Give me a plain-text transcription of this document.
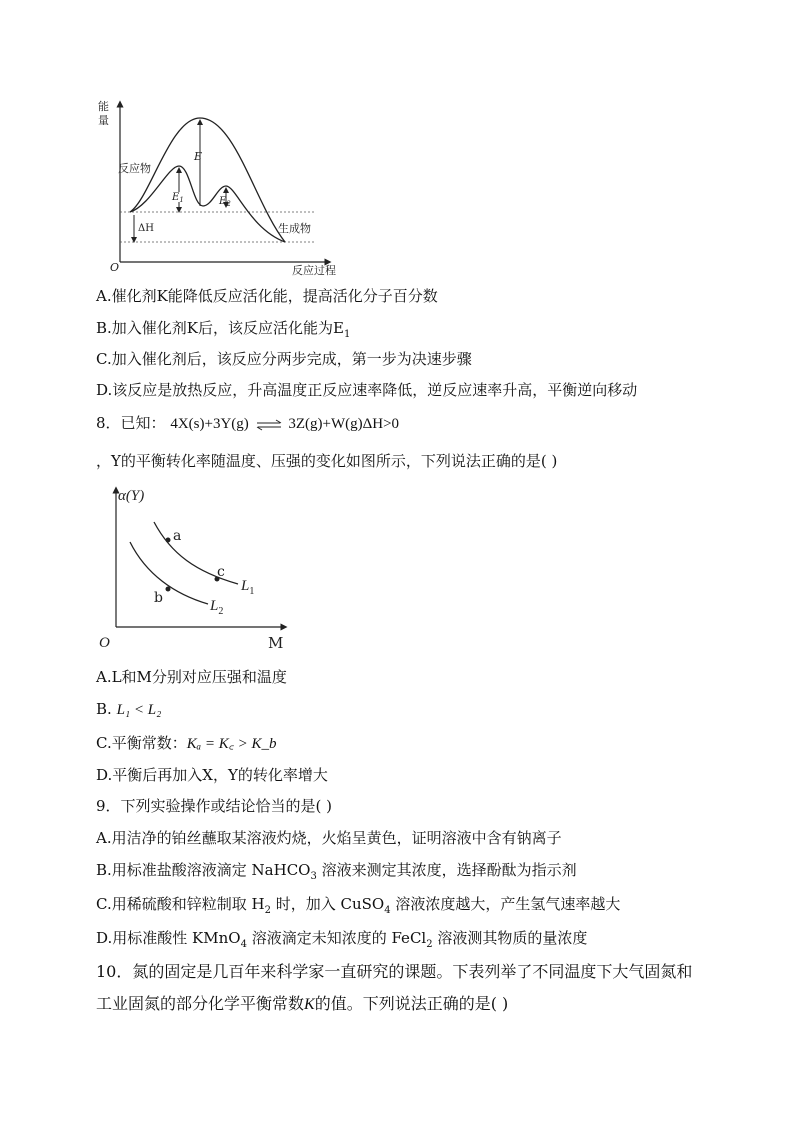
能
量
O	反应过程
反应物
生成物
E
$E_1$	$E_2$
ΔH
A.催化剂K能降低反应活化能，提高活化分子百分数
B.加入催化剂K后，该反应活化能为$E_1$
C.加入催化剂后，该反应分两步完成，第一步为决速步骤
D.该反应是放热反应，升高温度正反应速率降低，逆反应速率升高，平衡逆向移动
8．已知： 4X(s)+3Y(g) ⇌ 3Z(g)+W(g)ΔH>0
，Y的平衡转化率随温度、压强的变化如图所示，下列说法正确的是( )
α(Y)
O	M
a
c
b
$L_1$
$L_2$
A.L和M分别对应压强和温度
B. L₁ < L₂
C.平衡常数：Kₐ = K꜀ > K_b
D.平衡后再加入X，Y的转化率增大
9．下列实验操作或结论恰当的是( )
A.用洁净的铂丝蘸取某溶液灼烧，火焰呈黄色，证明溶液中含有钠离子
B.用标准盐酸溶液滴定 NaHCO$_3$ 溶液来测定其浓度，选择酚酞为指示剂
C.用稀硫酸和锌粒制取 $H_2$ 时，加入 CuSO$_4$ 溶液浓度越大，产生氢气速率越大
D.用标准酸性 KMnO$_4$ 溶液滴定未知浓度的 FeCl$_2$ 溶液测其物质的量浓度
10．氮的固定是几百年来科学家一直研究的课题。下表列举了不同温度下大气固氮和
工业固氮的部分化学平衡常数K的值。下列说法正确的是( )
